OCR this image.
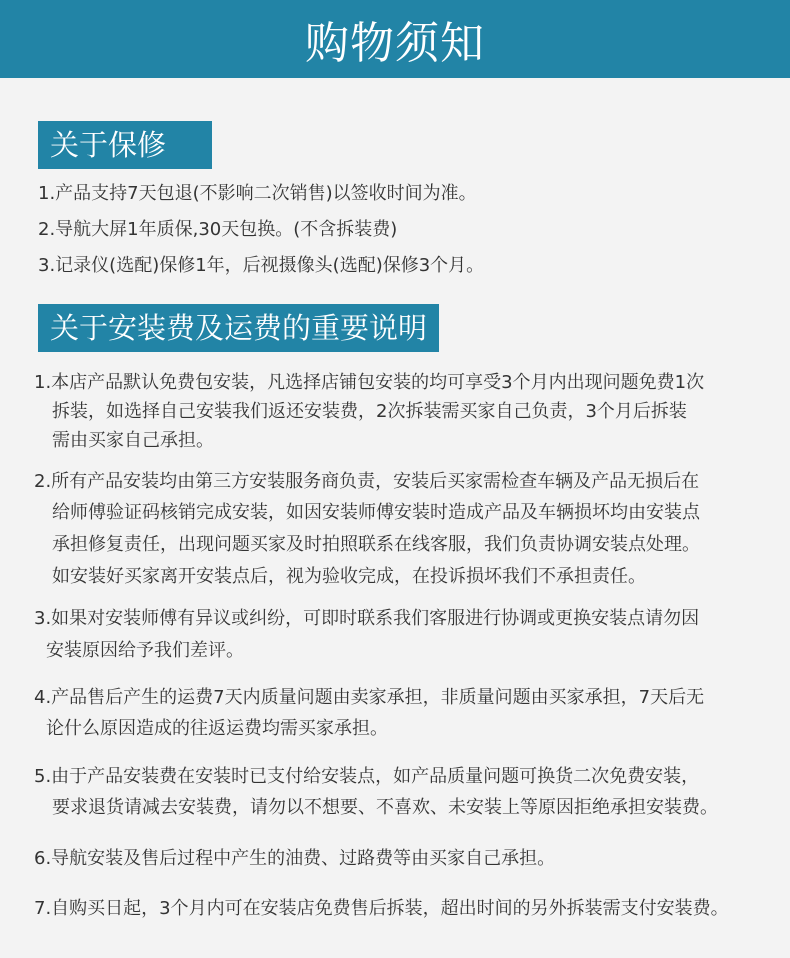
购物须知
关于保修
1.产品支持7天包退(不影响二次销售)以签收时间为准。
2.导航大屏1年质保,30天包换。(不含拆装费)
3.记录仪(选配)保修1年，后视摄像头(选配)保修3个月。
关于安装费及运费的重要说明
1.本店产品默认免费包安装，凡选择店铺包安装的均可享受3个月内出现问题免费1次
拆装，如选择自己安装我们返还安装费，2次拆装需买家自己负责，3个月后拆装
需由买家自己承担。
2.所有产品安装均由第三方安装服务商负责，安装后买家需检查车辆及产品无损后在
给师傅验证码核销完成安装，如因安装师傅安装时造成产品及车辆损坏均由安装点
承担修复责任，出现问题买家及时拍照联系在线客服，我们负责协调安装点处理。
如安装好买家离开安装点后，视为验收完成，在投诉损坏我们不承担责任。
3.如果对安装师傅有异议或纠纷，可即时联系我们客服进行协调或更换安装点请勿因
安装原因给予我们差评。
4.产品售后产生的运费7天内质量问题由卖家承担，非质量问题由买家承担，7天后无
论什么原因造成的往返运费均需买家承担。
5.由于产品安装费在安装时已支付给安装点，如产品质量问题可换货二次免费安装，
要求退货请减去安装费，请勿以不想要、不喜欢、未安装上等原因拒绝承担安装费。
6.导航安装及售后过程中产生的油费、过路费等由买家自己承担。
7.自购买日起，3个月内可在安装店免费售后拆装，超出时间的另外拆装需支付安装费。
